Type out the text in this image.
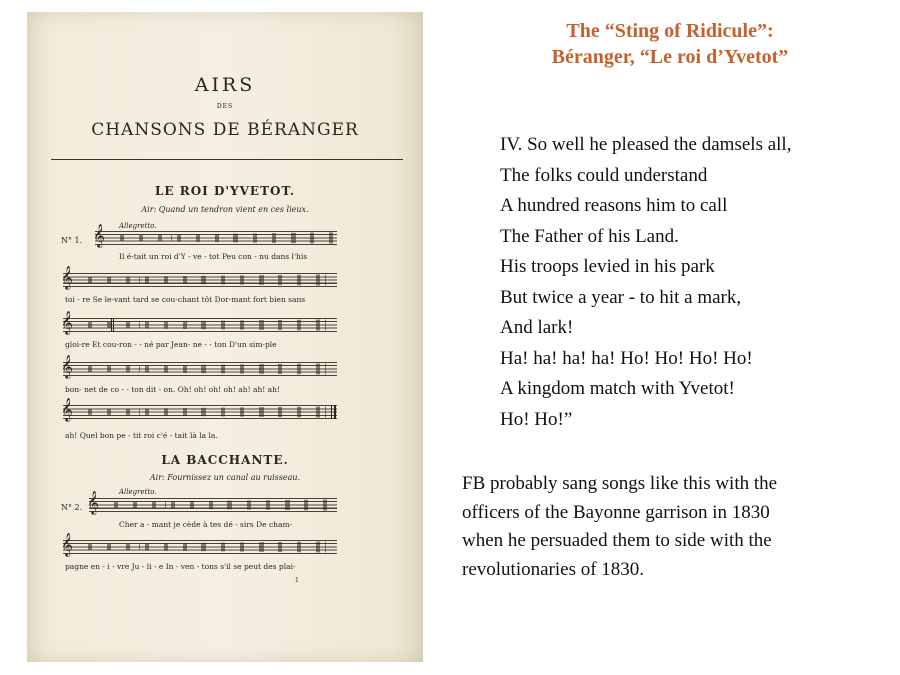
AIRS
DES
CHANSONS DE BÉRANGER
LE ROI D'YVETOT.
Air: Quand un tendron vient en ces lieux.
Allegretto.
N° 1. 𝄞
Il é-tait un roi d'Y - ve - tot Peu con - nu dans l'his
𝄞
toi - re Se le-vant tard se cou-chant tôt Dor-mant fort bien sans
𝄞
gloi-re Et cou-ron - - né par Jean- ne - - ton D'un sim-ple
𝄞
bon- net de co - - ton dit - on. Oh! oh! oh! oh! ah! ah! ah!
𝄞
ah! Quel bon pe - tit roi c'é - tait là la la.
LA BACCHANTE.
Air: Fournissez un canal au ruisseau.
Allegretto.
N° 2. 𝄞
Cher a - mant je cède à tes dé - sirs De cham-
𝄞
pagne en - i - vre Ju - li - e In - ven - tons s'il se peut des plai-
1
The “Sting of Ridicule”:
Béranger, “Le roi d’Yvetot”
IV. So well he pleased the damsels all,
The folks could understand
A hundred reasons him to call
The Father of his Land.
His troops levied in his park
But twice a year - to hit a mark,
And lark!
Ha! ha! ha! ha! Ho! Ho! Ho! Ho!
A kingdom match with Yvetot!
Ho! Ho!”
FB probably sang songs like this with the
officers of the Bayonne garrison in 1830
when he persuaded them to side with the
revolutionaries of 1830.
